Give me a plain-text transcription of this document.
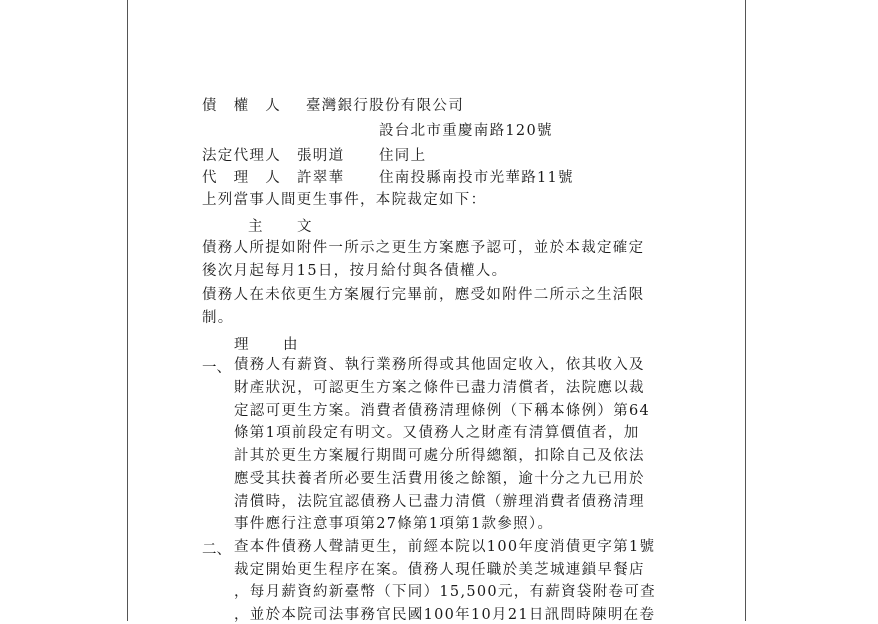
債　權　人 臺灣銀行股份有限公司
設台北市重慶南路120號
法定代理人 張明道 住同上
代　理　人 許翠華 住南投縣南投市光華路11號
上列當事人間更生事件，本院裁定如下：
主　文
債務人所提如附件一所示之更生方案應予認可，並於本裁定確定
後次月起每月15日，按月給付與各債權人。
債務人在未依更生方案履行完畢前，應受如附件二所示之生活限
制。
理　由
一、 債務人有薪資、執行業務所得或其他固定收入，依其收入及
財產狀況，可認更生方案之條件已盡力清償者，法院應以裁
定認可更生方案。消費者債務清理條例（下稱本條例）第64
條第1項前段定有明文。又債務人之財產有清算價值者，加
計其於更生方案履行期間可處分所得總額，扣除自己及依法
應受其扶養者所必要生活費用後之餘額，逾十分之九已用於
清償時，法院宜認債務人已盡力清償（辦理消費者債務清理
事件應行注意事項第27條第1項第1款參照）。
二、 查本件債務人聲請更生，前經本院以100年度消債更字第1號
裁定開始更生程序在案。債務人現任職於美芝城連鎖早餐店
，每月薪資約新臺幣（下同）15,500元，有薪資袋附卷可查
，並於本院司法事務官民國100年10月21日訊問時陳明在卷
